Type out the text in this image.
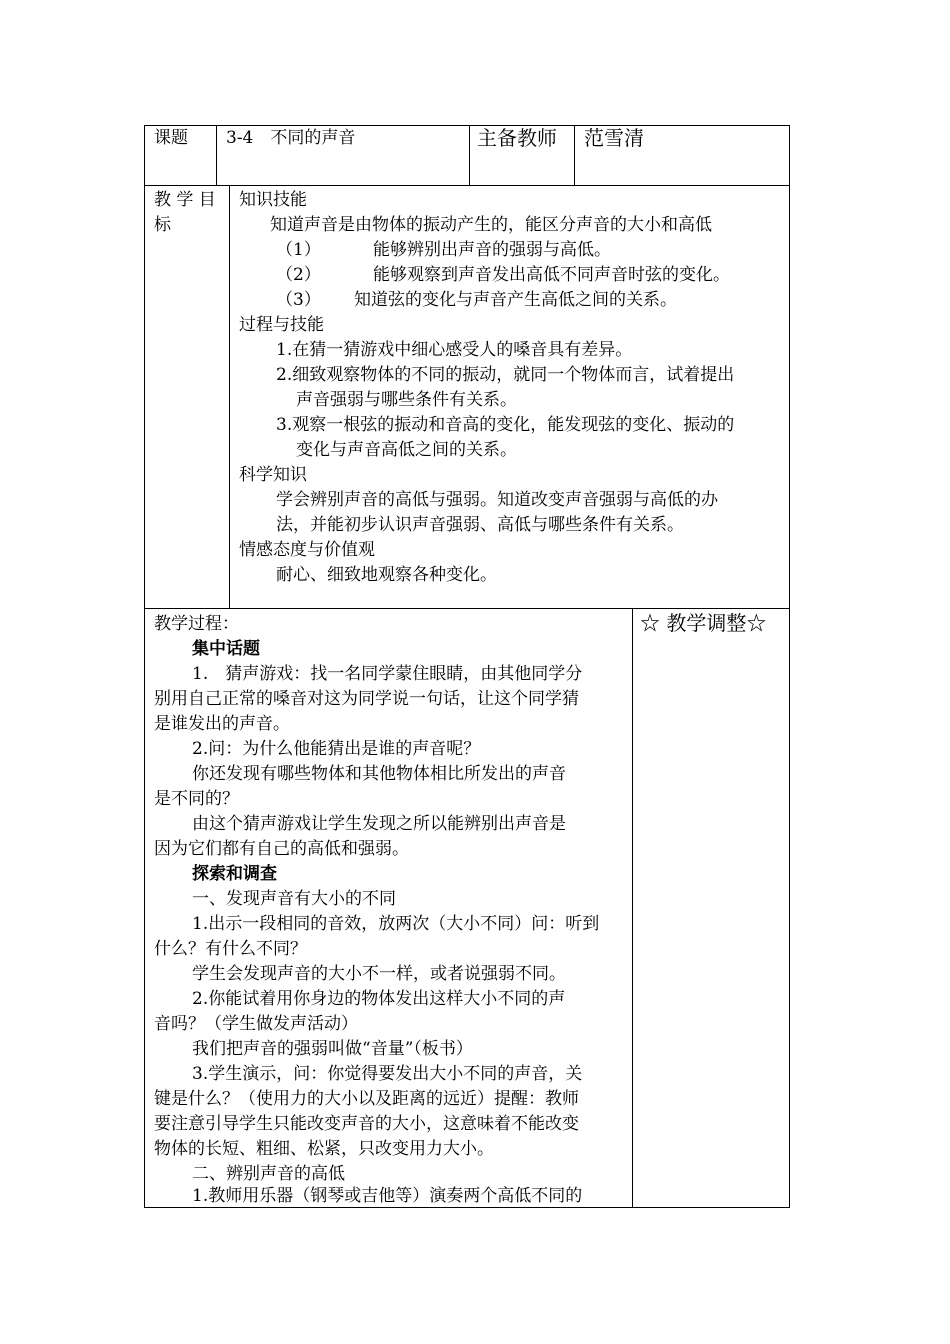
课题 3-4　不同的声音	主备教师 范雪清
教 学 目
标
知识技能
知道声音是由物体的振动产生的，能区分声音的大小和高低
（1）	能够辨别出声音的强弱与高低。
（2）	能够观察到声音发出高低不同声音时弦的变化。
（3） 知道弦的变化与声音产生高低之间的关系。
过程与技能
1.在猜一猜游戏中细心感受人的嗓音具有差异。
2.细致观察物体的不同的振动，就同一个物体而言，试着提出
声音强弱与哪些条件有关系。
3.观察一根弦的振动和音高的变化，能发现弦的变化、振动的
变化与声音高低之间的关系。
科学知识
学会辨别声音的高低与强弱。知道改变声音强弱与高低的办
法，并能初步认识声音强弱、高低与哪些条件有关系。
情感态度与价值观
耐心、细致地观察各种变化。
教学过程：	☆ 教学调整☆
集中话题
1.　猜声游戏：找一名同学蒙住眼睛，由其他同学分
别用自己正常的嗓音对这为同学说一句话，让这个同学猜
是谁发出的声音。
2.问：为什么他能猜出是谁的声音呢？
你还发现有哪些物体和其他物体相比所发出的声音
是不同的？
由这个猜声游戏让学生发现之所以能辨别出声音是
因为它们都有自己的高低和强弱。
探索和调查
一、发现声音有大小的不同
1.出示一段相同的音效，放两次（大小不同）问：听到
什么？有什么不同？
学生会发现声音的大小不一样，或者说强弱不同。
2.你能试着用你身边的物体发出这样大小不同的声
音吗？（学生做发声活动）
我们把声音的强弱叫做“音量”（板书）
3.学生演示，问：你觉得要发出大小不同的声音，关
键是什么？（使用力的大小以及距离的远近）提醒：教师
要注意引导学生只能改变声音的大小，这意味着不能改变
物体的长短、粗细、松紧，只改变用力大小。
二、辨别声音的高低
1.教师用乐器（钢琴或吉他等）演奏两个高低不同的
